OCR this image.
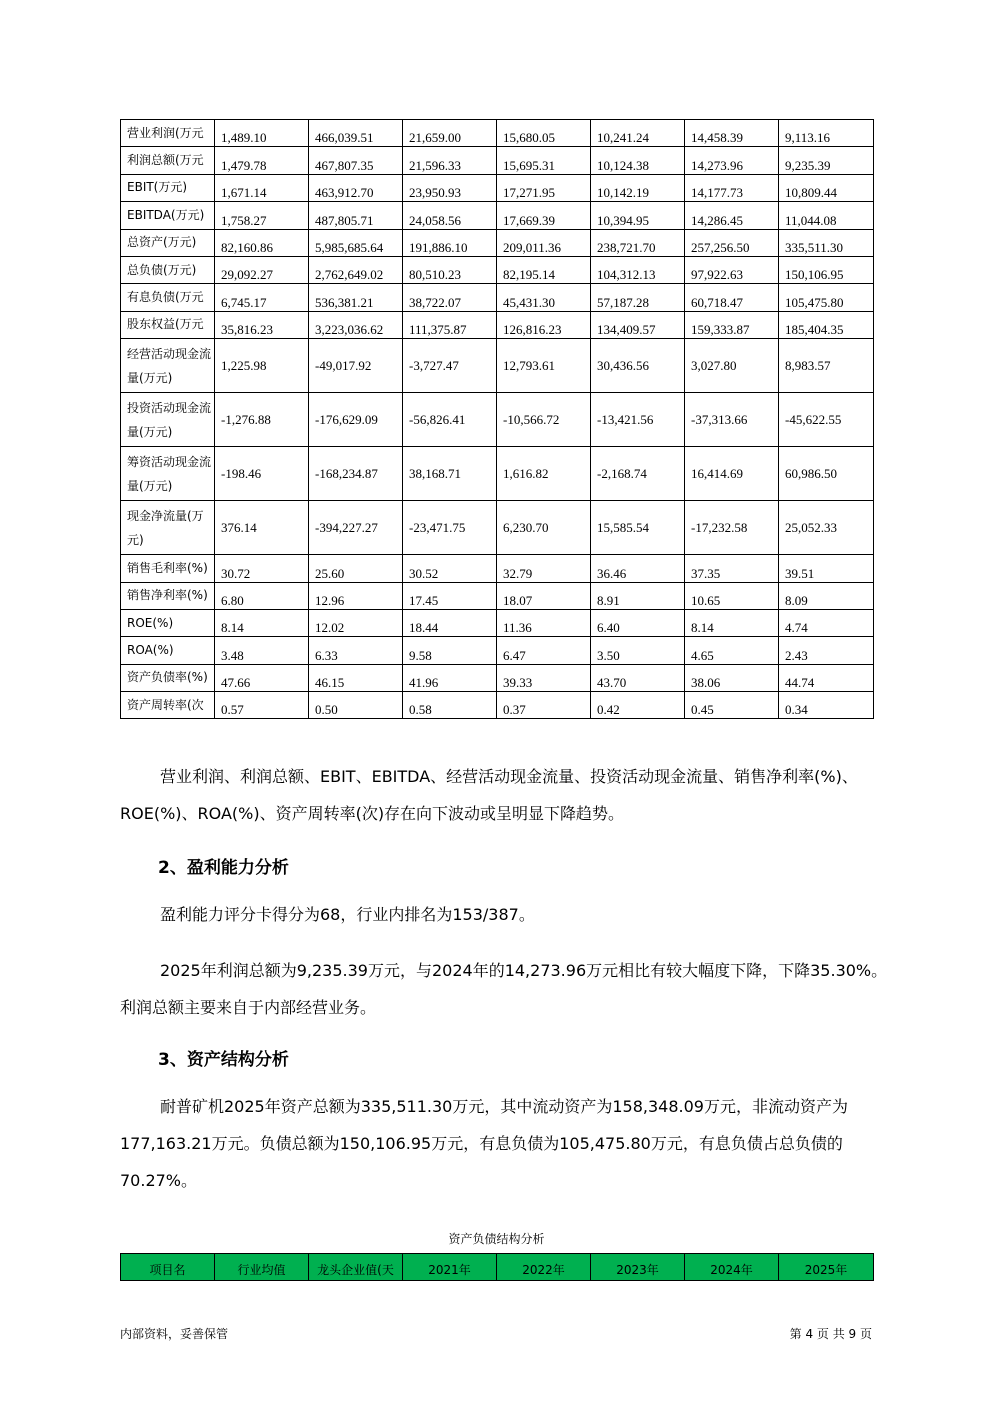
营业利润(万元	1,489.10	466,039.51	21,659.00	15,680.05	10,241.24	14,458.39	9,113.16
利润总额(万元	1,479.78	467,807.35	21,596.33	15,695.31	10,124.38	14,273.96	9,235.39
EBIT(万元)	1,671.14	463,912.70	23,950.93	17,271.95	10,142.19	14,177.73	10,809.44
EBITDA(万元)	1,758.27	487,805.71	24,058.56	17,669.39	10,394.95	14,286.45	11,044.08
总资产(万元)	82,160.86	5,985,685.64	191,886.10	209,011.36	238,721.70	257,256.50	335,511.30
总负债(万元)	29,092.27	2,762,649.02	80,510.23	82,195.14	104,312.13	97,922.63	150,106.95
有息负债(万元	6,745.17	536,381.21	38,722.07	45,431.30	57,187.28	60,718.47	105,475.80
股东权益(万元	35,816.23	3,223,036.62	111,375.87	126,816.23	134,409.57	159,333.87	185,404.35
经营活动现金流量(万元)	1,225.98	-49,017.92	-3,727.47	12,793.61	30,436.56	3,027.80	8,983.57
投资活动现金流量(万元)	-1,276.88	-176,629.09	-56,826.41	-10,566.72	-13,421.56	-37,313.66	-45,622.55
筹资活动现金流量(万元)	-198.46	-168,234.87	38,168.71	1,616.82	-2,168.74	16,414.69	60,986.50
现金净流量(万元)	376.14	-394,227.27	-23,471.75	6,230.70	15,585.54	-17,232.58	25,052.33
销售毛利率(%)	30.72	25.60	30.52	32.79	36.46	37.35	39.51
销售净利率(%)	6.80	12.96	17.45	18.07	8.91	10.65	8.09
ROE(%)	8.14	12.02	18.44	11.36	6.40	8.14	4.74
ROA(%)	3.48	6.33	9.58	6.47	3.50	4.65	2.43
资产负债率(%)	47.66	46.15	41.96	39.33	43.70	38.06	44.74
资产周转率(次	0.57	0.50	0.58	0.37	0.42	0.45	0.34

营业利润、利润总额、EBIT、EBITDA、经营活动现金流量、投资活动现金流量、销售净利率(%)、ROE(%)、ROA(%)、资产周转率(次)存在向下波动或呈明显下降趋势。

2、盈利能力分析

盈利能力评分卡得分为68，行业内排名为153/387。

2025年利润总额为9,235.39万元，与2024年的14,273.96万元相比有较大幅度下降，下降35.30%。利润总额主要来自于内部经营业务。

3、资产结构分析

耐普矿机2025年资产总额为335,511.30万元，其中流动资产为158,348.09万元，非流动资产为177,163.21万元。负债总额为150,106.95万元，有息负债为105,475.80万元，有息负债占总负债的70.27%。

资产负债结构分析
项目名	行业均值	龙头企业值(天	2021年	2022年	2023年	2024年	2025年
内部资料，妥善保管	第 4 页 共 9 页
